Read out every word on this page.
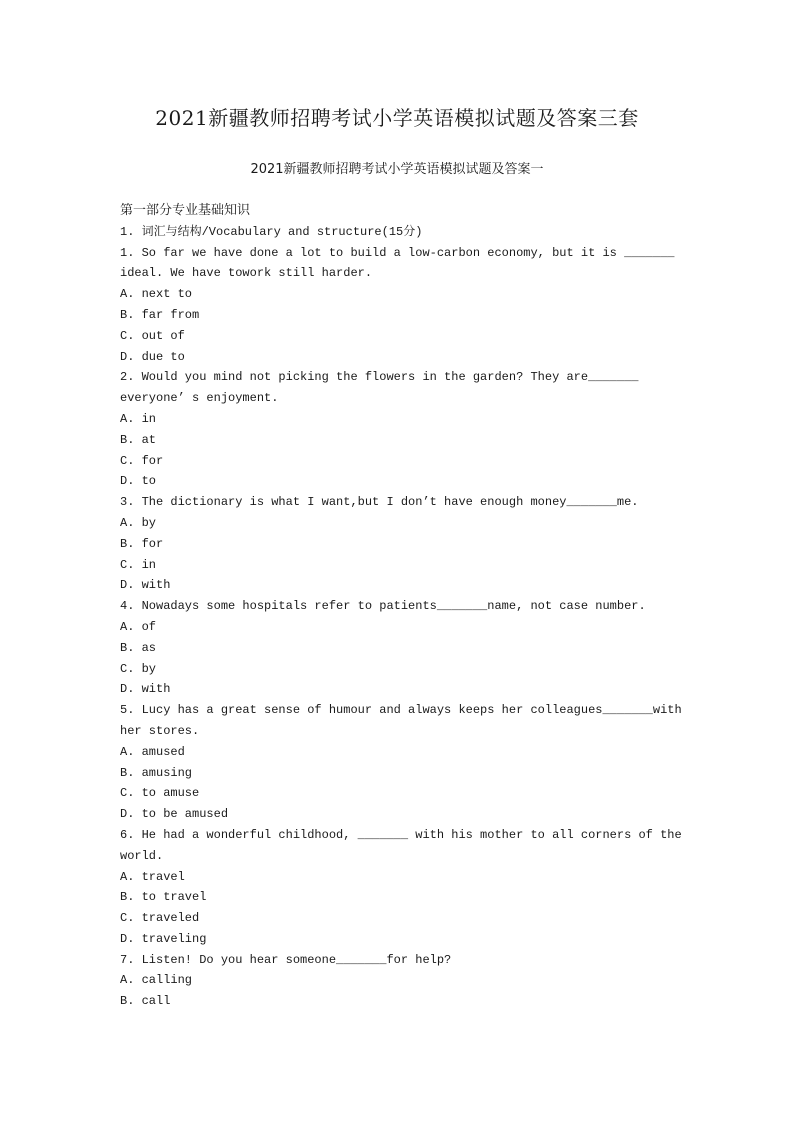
2021新疆教师招聘考试小学英语模拟试题及答案三套
2021新疆教师招聘考试小学英语模拟试题及答案一
第一部分专业基础知识
1. 词汇与结构/Vocabulary and structure(15分)
1. So far we have done a lot to build a low-carbon economy, but it is _______
ideal. We have towork still harder.
A. next to
B. far from
C. out of
D. due to
2. Would you mind not picking the flowers in the garden? They are_______
everyone’ s enjoyment.
A. in
B. at
C. for
D. to
3. The dictionary is what I want,but I don’t have enough money_______me.
A. by
B. for
C. in
D. with
4. Nowadays some hospitals refer to patients_______name, not case number.
A. of
B. as
C. by
D. with
5. Lucy has a great sense of humour and always keeps her colleagues_______with
her stores.
A. amused
B. amusing
C. to amuse
D. to be amused
6. He had a wonderful childhood, _______ with his mother to all corners of the
world.
A. travel
B. to travel
C. traveled
D. traveling
7. Listen! Do you hear someone_______for help?
A. calling
B. call
